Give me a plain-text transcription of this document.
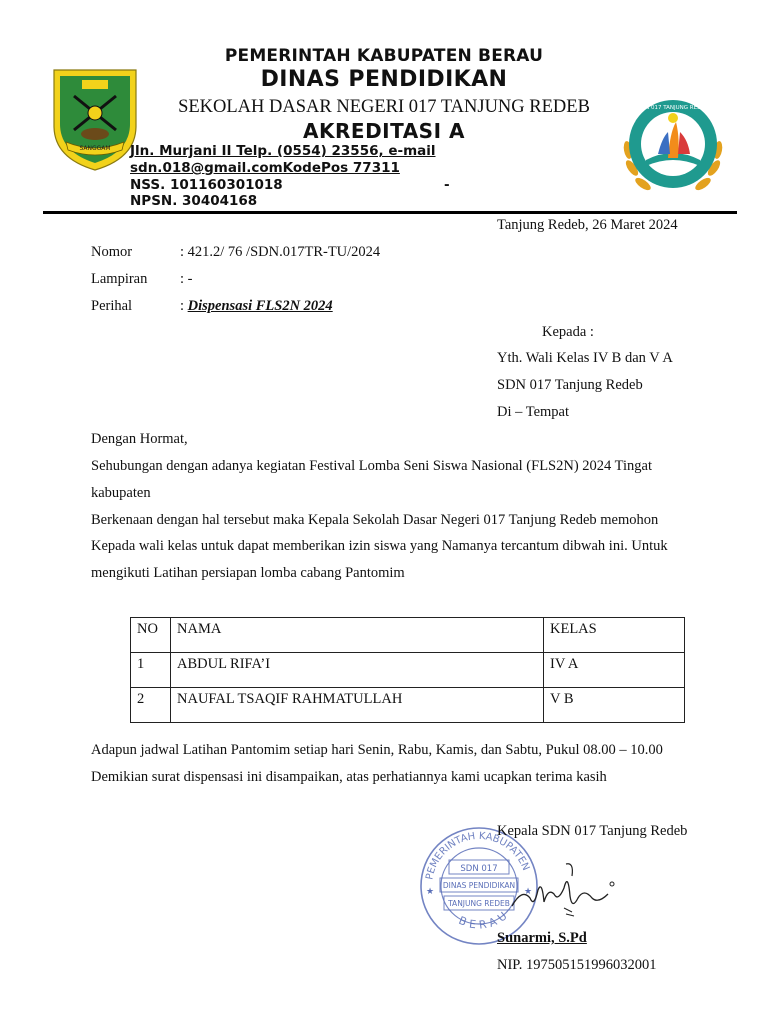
SANGGAM
SDN 017 TANJUNG REDEB
PEMERINTAH KABUPATEN BERAU
DINAS PENDIDIKAN
SEKOLAH DASAR NEGERI 017 TANJUNG REDEB
AKREDITASI A
Jln. Murjani II Telp. (0554) 23556, e-mail
sdn.018@gmail.comKodePos 77311
NSS. 101160301018	-
NPSN. 30404168
Tanjung Redeb, 26 Maret 2024
Nomor	: 421.2/ 76 /SDN.017TR-TU/2024
Lampiran : -
Perihal	: Dispensasi FLS2N 2024
Kepada :
Yth. Wali Kelas IV B dan V A
SDN 017 Tanjung Redeb
Di – Tempat
Dengan Hormat,
Sehubungan dengan adanya kegiatan Festival Lomba Seni Siswa Nasional (FLS2N) 2024 Tingat
kabupaten
Berkenaan dengan hal tersebut maka Kepala Sekolah Dasar Negeri 017 Tanjung Redeb memohon
Kepada wali kelas untuk dapat memberikan izin siswa yang Namanya tercantum dibwah ini. Untuk
mengikuti Latihan persiapan lomba cabang Pantomim
NO	NAMA	KELAS
1	ABDUL RIFA’I	IV A
2	NAUFAL TSAQIF RAHMATULLAH	V B
Adapun jadwal Latihan Pantomim setiap hari Senin, Rabu, Kamis, dan Sabtu, Pukul 08.00 – 10.00
Demikian surat dispensasi ini disampaikan, atas perhatiannya kami ucapkan terima kasih
PEMERINTAH KABUPATEN
SDN 017
DINAS PENDIDIKAN
TANJUNG REDEB
BERAU
★	★
Kepala SDN 017 Tanjung Redeb
Sunarmi, S.Pd
NIP. 197505151996032001
